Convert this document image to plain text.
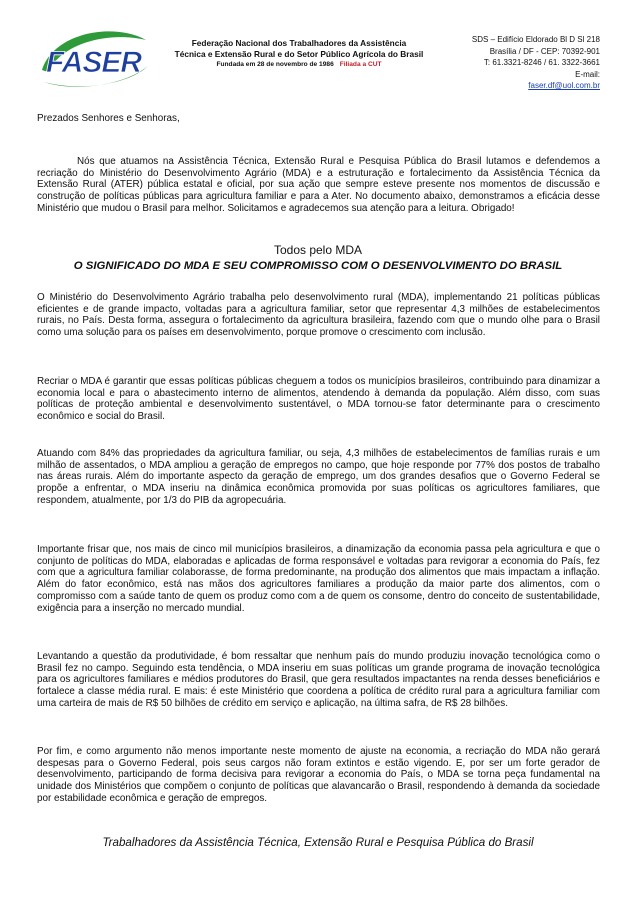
FASER
Federação Nacional dos Trabalhadores da Assistência
Técnica e Extensão Rural e do Setor Público Agrícola do Brasil
Fundada em 28 de novembro de 1986 Filiada a CUT
SDS – Edifício Eldorado Bl D Sl 218
Brasília / DF - CEP: 70392-901
T: 61.3321-8246 / 61. 3322-3661
E-mail:
faser.df@uol.com.br

Prezados Senhores e Senhoras,

Nós que atuamos na Assistência Técnica, Extensão Rural e Pesquisa Pública do Brasil lutamos e defendemos a recriação do Ministério do Desenvolvimento Agrário (MDA) e a estruturação e fortalecimento da Assistência Técnica da Extensão Rural (ATER) pública estatal e oficial, por sua ação que sempre esteve presente nos momentos de discussão e construção de políticas públicas para agricultura familiar e para a Ater. No documento abaixo, demonstramos a eficácia desse Ministério que mudou o Brasil para melhor. Solicitamos e agradecemos sua atenção para a leitura. Obrigado!

Todos pelo MDA
O SIGNIFICADO DO MDA E SEU COMPROMISSO COM O DESENVOLVIMENTO DO BRASIL

O Ministério do Desenvolvimento Agrário trabalha pelo desenvolvimento rural (MDA), implementando 21 políticas públicas eficientes e de grande impacto, voltadas para a agricultura familiar, setor que representar 4,3 milhões de estabelecimentos rurais, no País. Desta forma, assegura o fortalecimento da agricultura brasileira, fazendo com que o mundo olhe para o Brasil como uma solução para os países em desenvolvimento, porque promove o crescimento com inclusão.

Recriar o MDA é garantir que essas políticas públicas cheguem a todos os municípios brasileiros, contribuindo para dinamizar a economia local e para o abastecimento interno de alimentos, atendendo à demanda da população. Além disso, com suas políticas de proteção ambiental e desenvolvimento sustentável, o MDA tornou-se fator determinante para o crescimento econômico e social do Brasil.

Atuando com 84% das propriedades da agricultura familiar, ou seja, 4,3 milhões de estabelecimentos de famílias rurais e um milhão de assentados, o MDA ampliou a geração de empregos no campo, que hoje responde por 77% dos postos de trabalho nas áreas rurais. Além do importante aspecto da geração de emprego, um dos grandes desafios que o Governo Federal se propõe a enfrentar, o MDA inseriu na dinâmica econômica promovida por suas políticas os agricultores familiares, que respondem, atualmente, por 1/3 do PIB da agropecuária.

Importante frisar que, nos mais de cinco mil municípios brasileiros, a dinamização da economia passa pela agricultura e que o conjunto de políticas do MDA, elaboradas e aplicadas de forma responsável e voltadas para revigorar a economia do País, fez com que a agricultura familiar colaborasse, de forma predominante, na produção dos alimentos que mais impactam a inflação. Além do fator econômico, está nas mãos dos agricultores familiares a produção da maior parte dos alimentos, com o compromisso com a saúde tanto de quem os produz como com a de quem os consome, dentro do conceito de sustentabilidade, exigência para a inserção no mercado mundial.

Levantando a questão da produtividade, é bom ressaltar que nenhum país do mundo produziu inovação tecnológica como o Brasil fez no campo. Seguindo esta tendência, o MDA inseriu em suas políticas um grande programa de inovação tecnológica para os agricultores familiares e médios produtores do Brasil, que gera resultados impactantes na renda desses beneficiários e fortalece a classe média rural. E mais: é este Ministério que coordena a política de crédito rural para a agricultura familiar com uma carteira de mais de R$ 50 bilhões de crédito em serviço e aplicação, na última safra, de R$ 28 bilhões.

Por fim, e como argumento não menos importante neste momento de ajuste na economia, a recriação do MDA não gerará despesas para o Governo Federal, pois seus cargos não foram extintos e estão vigendo. E, por ser um forte gerador de desenvolvimento, participando de forma decisiva para revigorar a economia do País, o MDA se torna peça fundamental na unidade dos Ministérios que compõem o conjunto de políticas que alavancarão o Brasil, respondendo à demanda da sociedade por estabilidade econômica e geração de empregos.

Trabalhadores da Assistência Técnica, Extensão Rural e Pesquisa Pública do Brasil
